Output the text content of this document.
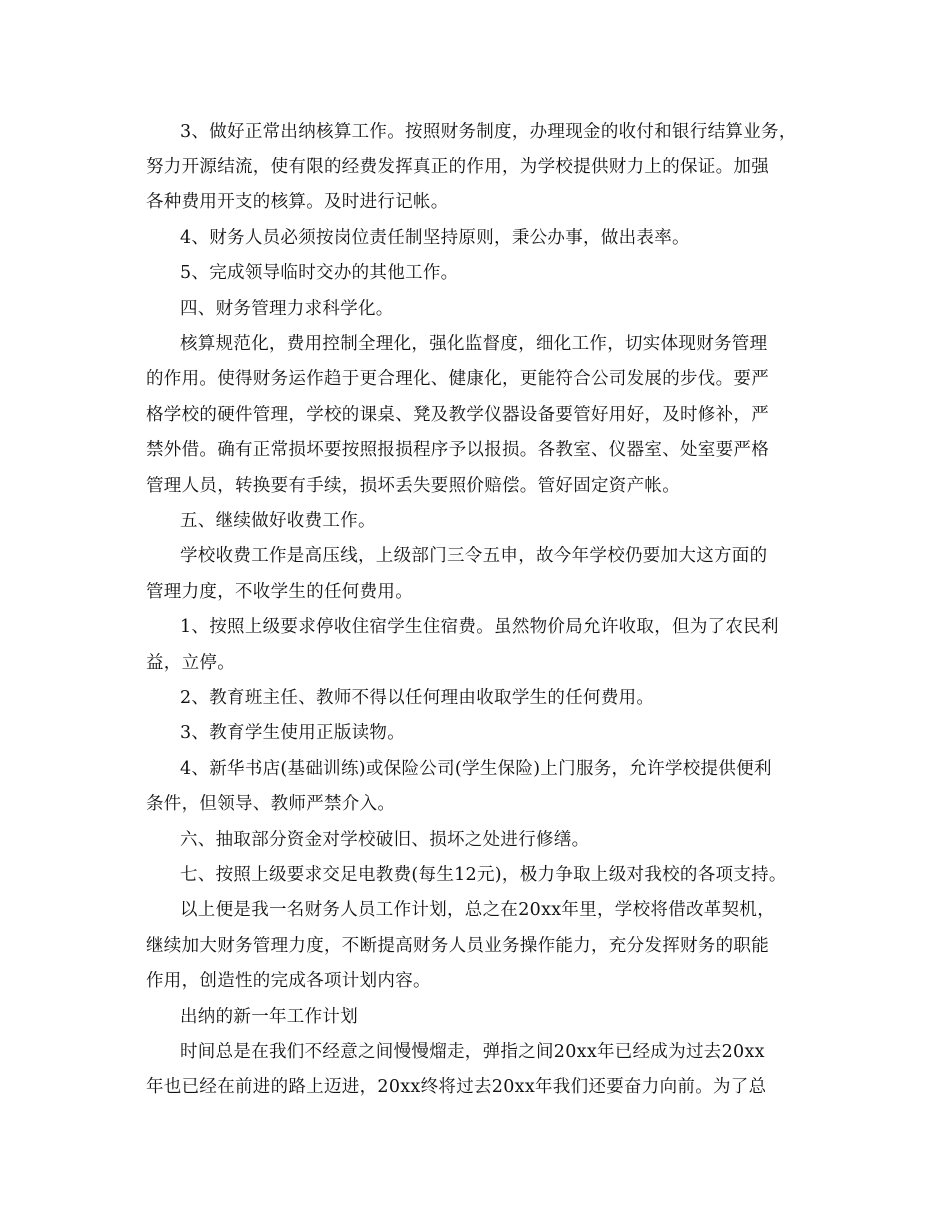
3、做好正常出纳核算工作。按照财务制度，办理现金的收付和银行结算业务，
努力开源结流，使有限的经费发挥真正的作用，为学校提供财力上的保证。加强
各种费用开支的核算。及时进行记帐。
4、财务人员必须按岗位责任制坚持原则，秉公办事，做出表率。
5、完成领导临时交办的其他工作。
四、财务管理力求科学化。
核算规范化，费用控制全理化，强化监督度，细化工作，切实体现财务管理
的作用。使得财务运作趋于更合理化、健康化，更能符合公司发展的步伐。要严
格学校的硬件管理，学校的课桌、凳及教学仪器设备要管好用好，及时修补，严
禁外借。确有正常损坏要按照报损程序予以报损。各教室、仪器室、处室要严格
管理人员，转换要有手续，损坏丢失要照价赔偿。管好固定资产帐。
五、继续做好收费工作。
学校收费工作是高压线，上级部门三令五申，故今年学校仍要加大这方面的
管理力度，不收学生的任何费用。
1、按照上级要求停收住宿学生住宿费。虽然物价局允许收取，但为了农民利
益，立停。
2、教育班主任、教师不得以任何理由收取学生的任何费用。
3、教育学生使用正版读物。
4、新华书店(基础训练)或保险公司(学生保险)上门服务，允许学校提供便利
条件，但领导、教师严禁介入。
六、抽取部分资金对学校破旧、损坏之处进行修缮。
七、按照上级要求交足电教费(每生12元)，极力争取上级对我校的各项支持。
以上便是我一名财务人员工作计划，总之在20xx年里，学校将借改革契机，
继续加大财务管理力度，不断提高财务人员业务操作能力，充分发挥财务的职能
作用，创造性的完成各项计划内容。
出纳的新一年工作计划
时间总是在我们不经意之间慢慢熘走，弹指之间20xx年已经成为过去20xx
年也已经在前进的路上迈进，20xx终将过去20xx年我们还要奋力向前。为了总
